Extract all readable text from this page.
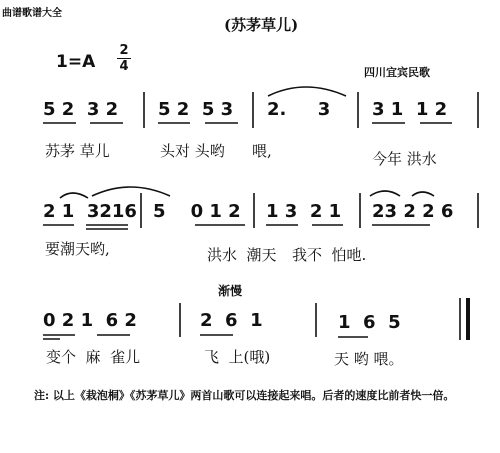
曲谱歌谱大全
(苏茅草儿)
1=A
2
4	四川宜宾民歌
5 2  3 2 5 2  5 3 2.     3 3 1  1 2
苏茅 草儿	头对 头哟 喂,	今年 洪水
2 1  3216 5    0 1 2 1 3  2 1 23 2 2 6
要潮天哟,	洪水  潮天 我不  怕吔.
渐慢
0 2 1  6 2	2  6  1	1  6  5
变个  麻  雀儿	飞  上(哦)	天 哟 喂。
注: 以上《栽泡桐》《苏茅草儿》两首山歌可以连接起来唱。后者的速度比前者快一倍。
